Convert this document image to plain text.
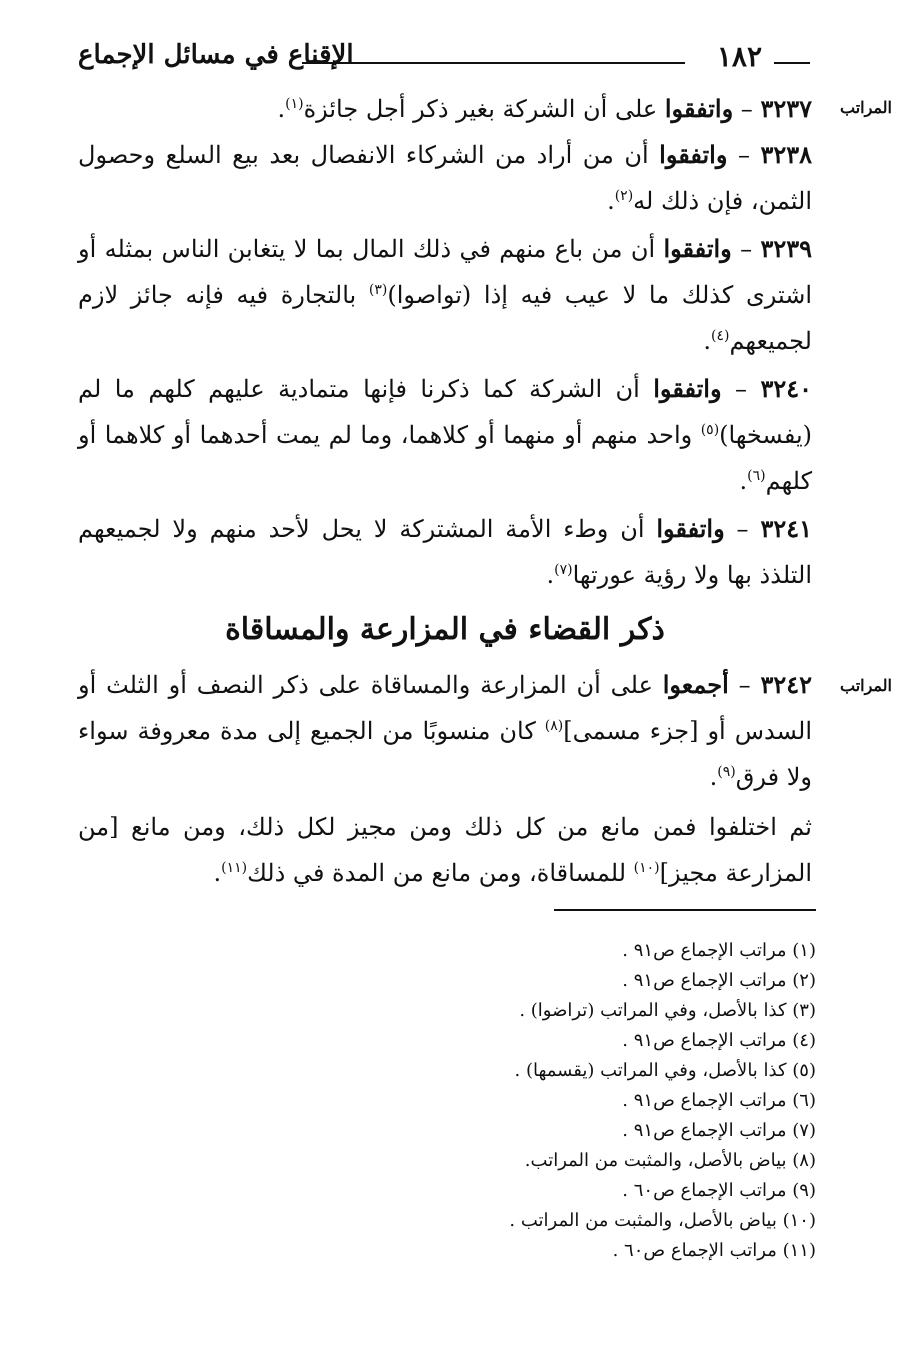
١٨٢
الإقناع في مسائل الإجماع
المراتب
المراتب

٣٢٣٧ – واتفقوا على أن الشركة بغير ذكر أجل جائزة$^{(١)}$.

٣٢٣٨ – واتفقوا أن من أراد من الشركاء الانفصال بعد بيع السلع وحصول الثمن، فإن ذلك له$^{(٢)}$.

٣٢٣٩ – واتفقوا أن من باع منهم في ذلك المال بما لا يتغابن الناس بمثله أو اشترى كذلك ما لا عيب فيه إذا (تواصوا)$^{(٣)}$ بالتجارة فيه فإنه جائز لازم لجميعهم$^{(٤)}$.

٣٢٤٠ – واتفقوا أن الشركة كما ذكرنا فإنها متمادية عليهم كلهم ما لم (يفسخها)$^{(٥)}$ واحد منهم أو منهما أو كلاهما، وما لم يمت أحدهما أو كلاهما أو كلهم$^{(٦)}$.

٣٢٤١ – واتفقوا أن وطء الأمة المشتركة لا يحل لأحد منهم ولا لجميعهم التلذذ بها ولا رؤية عورتها$^{(٧)}$.

ذكر القضاء في المزارعة والمساقاة

٣٢٤٢ – أجمعوا على أن المزارعة والمساقاة على ذكر النصف أو الثلث أو السدس أو [جزء مسمى]$^{(٨)}$ كان منسوبًا من الجميع إلى مدة معروفة سواء ولا فرق$^{(٩)}$.

ثم اختلفوا فمن مانع من كل ذلك ومن مجيز لكل ذلك، ومن مانع [من المزارعة مجيز]$^{(١٠)}$ للمساقاة، ومن مانع من المدة في ذلك$^{(١١)}$.

(١) مراتب الإجماع ص٩١ .
(٢) مراتب الإجماع ص٩١ .
(٣) كذا بالأصل، وفي المراتب (تراضوا) .
(٤) مراتب الإجماع ص٩١ .
(٥) كذا بالأصل، وفي المراتب (يقسمها) .
(٦) مراتب الإجماع ص٩١ .
(٧) مراتب الإجماع ص٩١ .
(٨) بياض بالأصل، والمثبت من المراتب.
(٩) مراتب الإجماع ص٦٠ .
(١٠) بياض بالأصل، والمثبت من المراتب .
(١١) مراتب الإجماع ص٦٠ .
